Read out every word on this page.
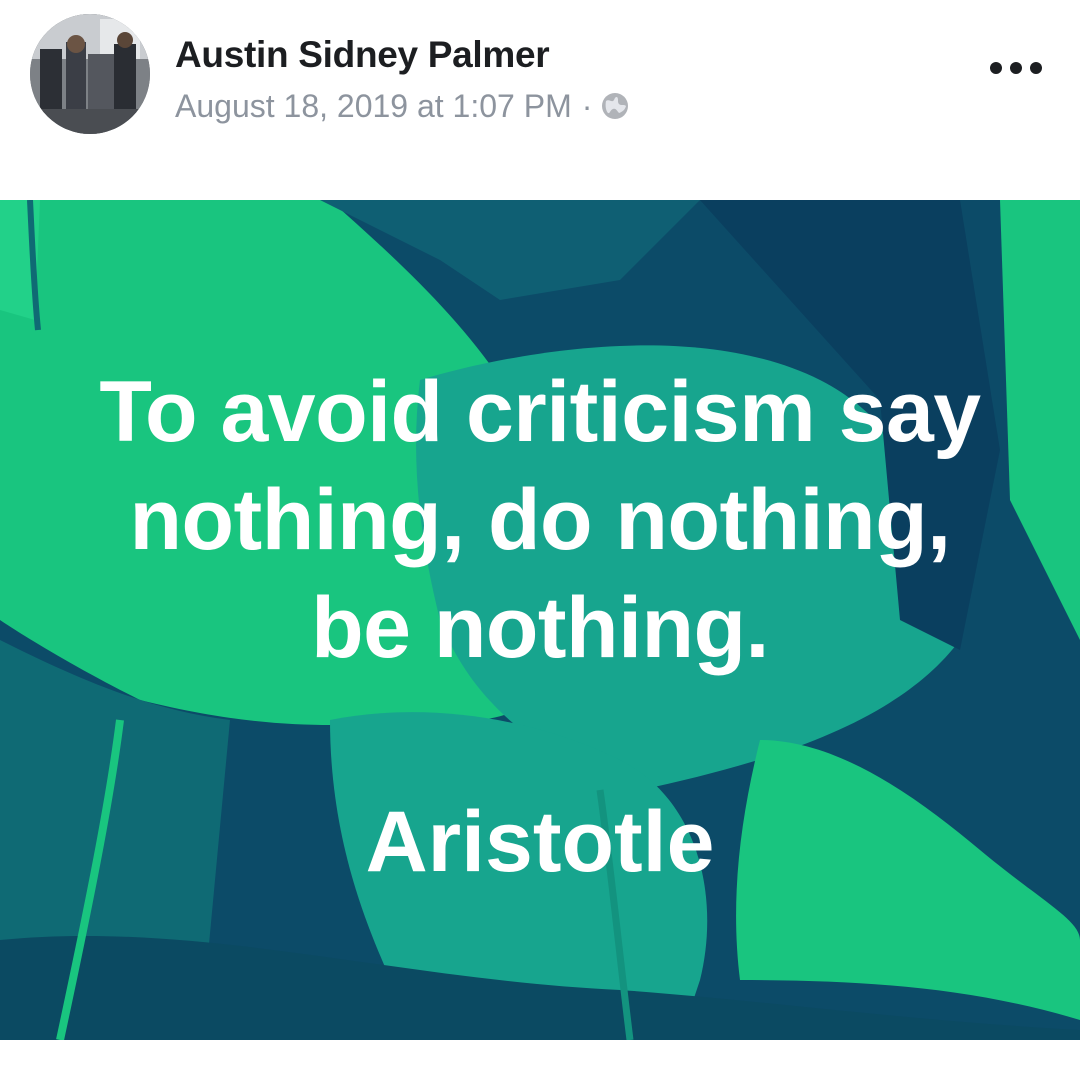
Austin Sidney Palmer
August 18, 2019 at 1:07 PM ·
To avoid criticism say
nothing, do nothing,
be nothing.
Aristotle
